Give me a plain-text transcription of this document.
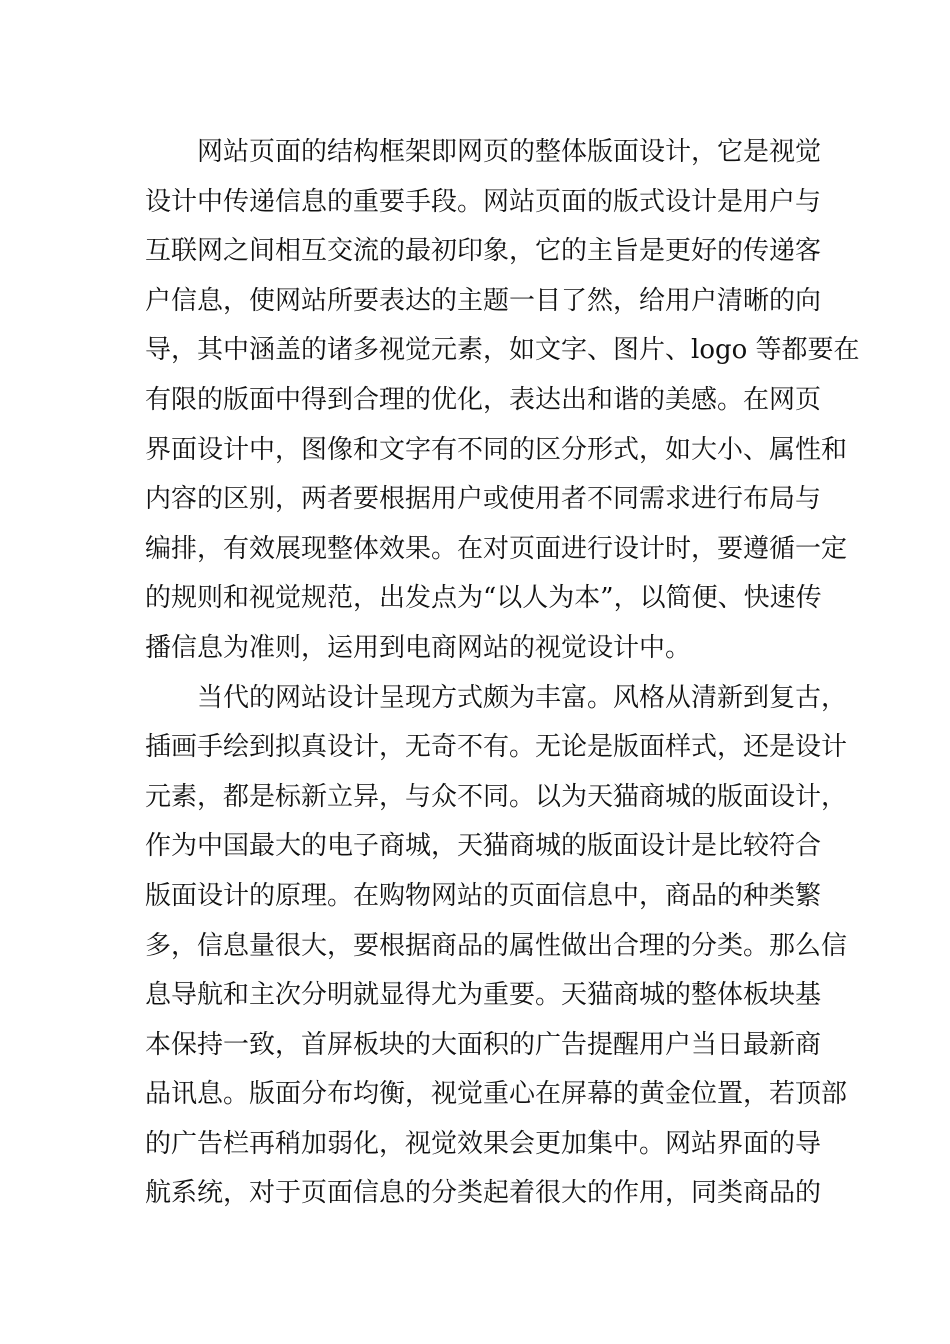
网站页面的结构框架即网页的整体版面设计，它是视觉
设计中传递信息的重要手段。网站页面的版式设计是用户与
互联网之间相互交流的最初印象，它的主旨是更好的传递客
户信息，使网站所要表达的主题一目了然，给用户清晰的向
导，其中涵盖的诸多视觉元素，如文字、图片、logo 等都要在
有限的版面中得到合理的优化，表达出和谐的美感。在网页
界面设计中，图像和文字有不同的区分形式，如大小、属性和
内容的区别，两者要根据用户或使用者不同需求进行布局与
编排，有效展现整体效果。在对页面进行设计时，要遵循一定
的规则和视觉规范，出发点为“以人为本”，以简便、快速传
播信息为准则，运用到电商网站的视觉设计中。
当代的网站设计呈现方式颇为丰富。风格从清新到复古，
插画手绘到拟真设计，无奇不有。无论是版面样式，还是设计
元素，都是标新立异，与众不同。以为天猫商城的版面设计，
作为中国最大的电子商城，天猫商城的版面设计是比较符合
版面设计的原理。在购物网站的页面信息中，商品的种类繁
多，信息量很大，要根据商品的属性做出合理的分类。那么信
息导航和主次分明就显得尤为重要。天猫商城的整体板块基
本保持一致，首屏板块的大面积的广告提醒用户当日最新商
品讯息。版面分布均衡，视觉重心在屏幕的黄金位置，若顶部
的广告栏再稍加弱化，视觉效果会更加集中。网站界面的导
航系统，对于页面信息的分类起着很大的作用，同类商品的
